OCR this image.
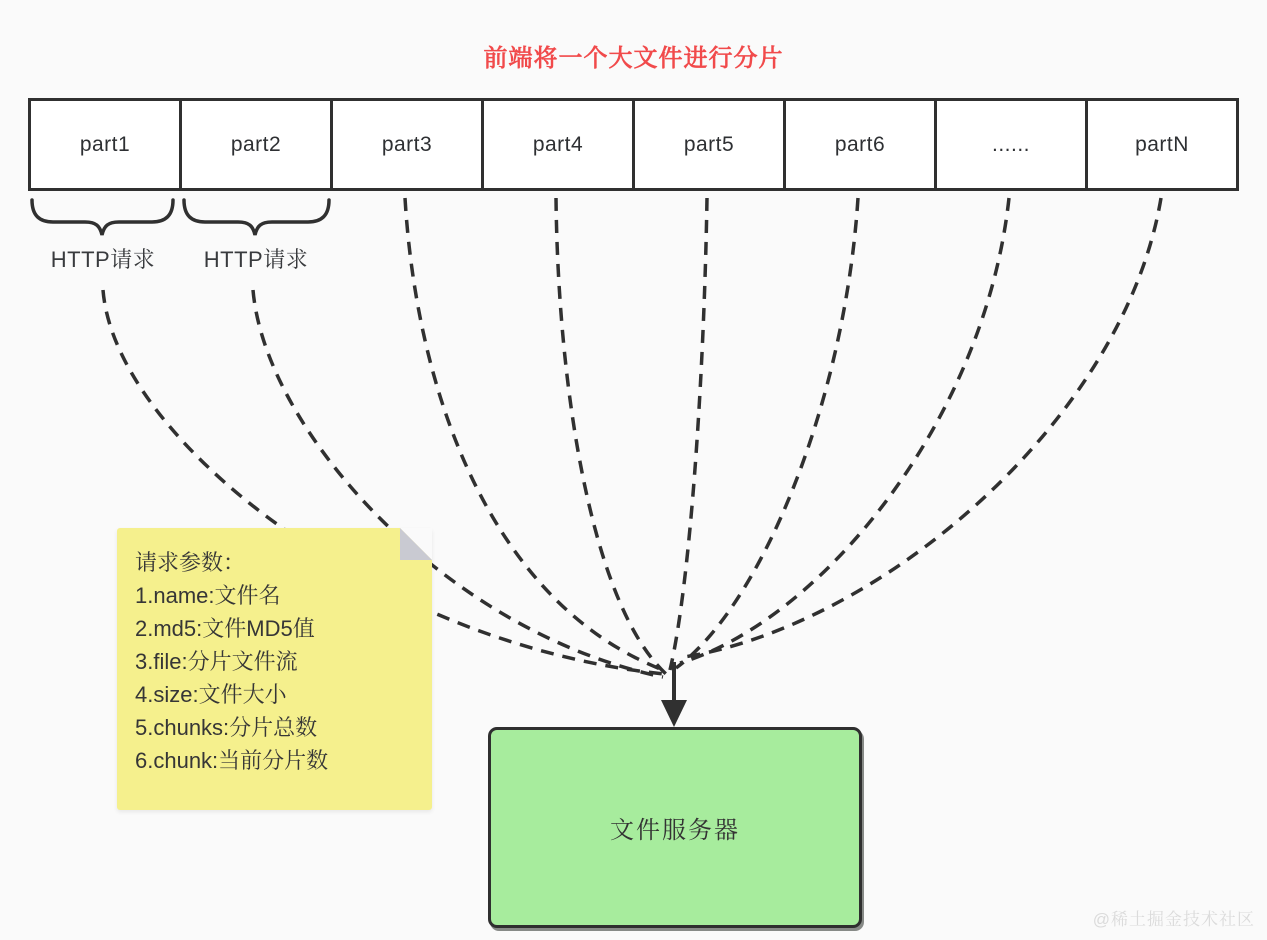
前端将一个大文件进行分片
part1	part2	part3	part4	part5	part6	......	partN
HTTP请求	HTTP请求
请求参数：
1.name:文件名
2.md5:文件MD5值
3.file:分片文件流
4.size:文件大小
5.chunks:分片总数
6.chunk:当前分片数
文件服务器
@稀土掘金技术社区
